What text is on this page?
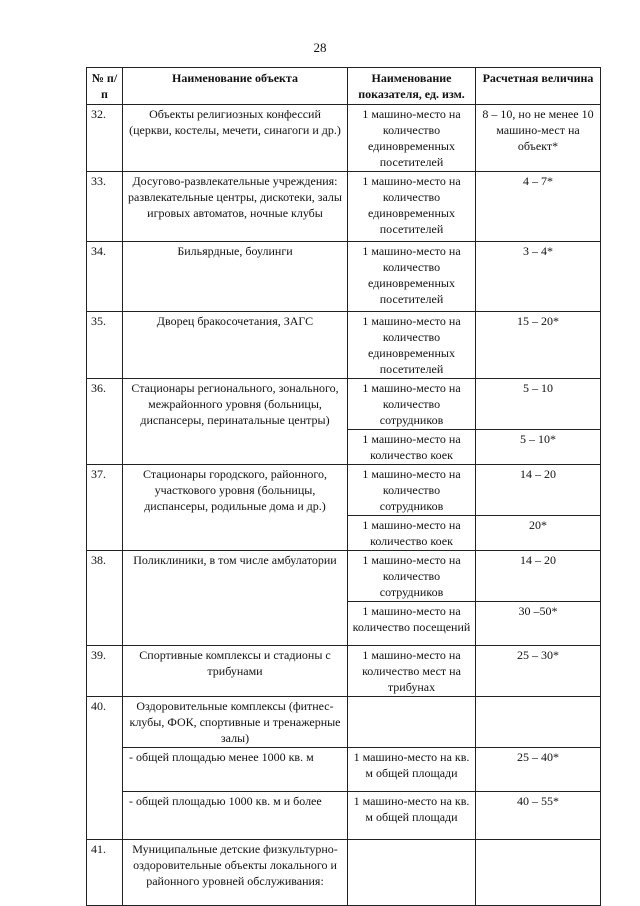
28
№ п/п	Наименование объекта	Наименование показателя, ед. изм.	Расчетная величина
32.	Объекты религиозных конфессий (церкви, костелы, мечети, синагоги и др.)	1 машино-место на количество единовременных посетителей	8 – 10, но не менее 10 машино-мест на объект*
33.	Досугово-развлекательные учреждения: развлекательные центры, дискотеки, залы игровых автоматов, ночные клубы	1 машино-место на количество единовременных посетителей	4 – 7*
34.	Бильярдные, боулинги	1 машино-место на количество единовременных посетителей	3 – 4*
35.	Дворец бракосочетания, ЗАГС	1 машино-место на количество единовременных посетителей	15 – 20*
36.	Стационары регионального, зонального, межрайонного уровня (больницы, диспансеры, перинатальные центры)	1 машино-место на количество сотрудников	5 – 10
		1 машино-место на количество коек	5 – 10*
37.	Стационары городского, районного, участкового уровня (больницы, диспансеры, родильные дома и др.)	1 машино-место на количество сотрудников	14 – 20
		1 машино-место на количество коек	20*
38.	Поликлиники, в том числе амбулатории	1 машино-место на количество сотрудников	14 – 20
		1 машино-место на количество посещений	30 –50*
39.	Спортивные комплексы и стадионы с трибунами	1 машино-место на количество мест на трибунах	25 – 30*
40.	Оздоровительные комплексы (фитнес-клубы, ФОК, спортивные и тренажерные залы)		
	- общей площадью менее 1000 кв. м	1 машино-место на кв. м общей площади	25 – 40*
	- общей площадью 1000 кв. м и более	1 машино-место на кв. м общей площади	40 – 55*
41.	Муниципальные детские физкультурно-оздоровительные объекты локального и районного уровней обслуживания:		
